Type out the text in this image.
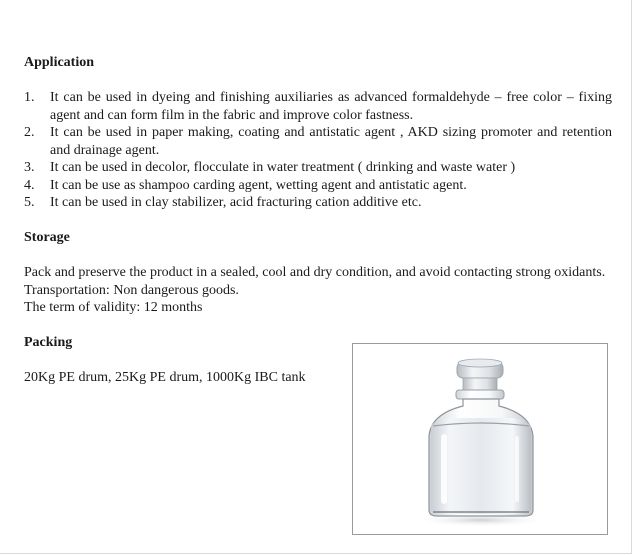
Application
1. It can be used in dyeing and finishing auxiliaries as advanced formaldehyde – free color – fixing agent and can form film in the fabric and improve color fastness.
2. It can be used in paper making, coating and antistatic agent , AKD sizing promoter and retention and drainage agent.
3. It can be used in decolor, flocculate in water treatment ( drinking and waste water )
4. It can be use as shampoo carding agent, wetting agent and antistatic agent.
5. It can be used in clay stabilizer, acid fracturing cation additive etc.
Storage

Pack and preserve the product in a sealed, cool and dry condition, and avoid contacting strong oxidants.

Transportation: Non dangerous goods.

The term of validity: 12 months

Packing

20Kg PE drum, 25Kg PE drum, 1000Kg IBC tank
